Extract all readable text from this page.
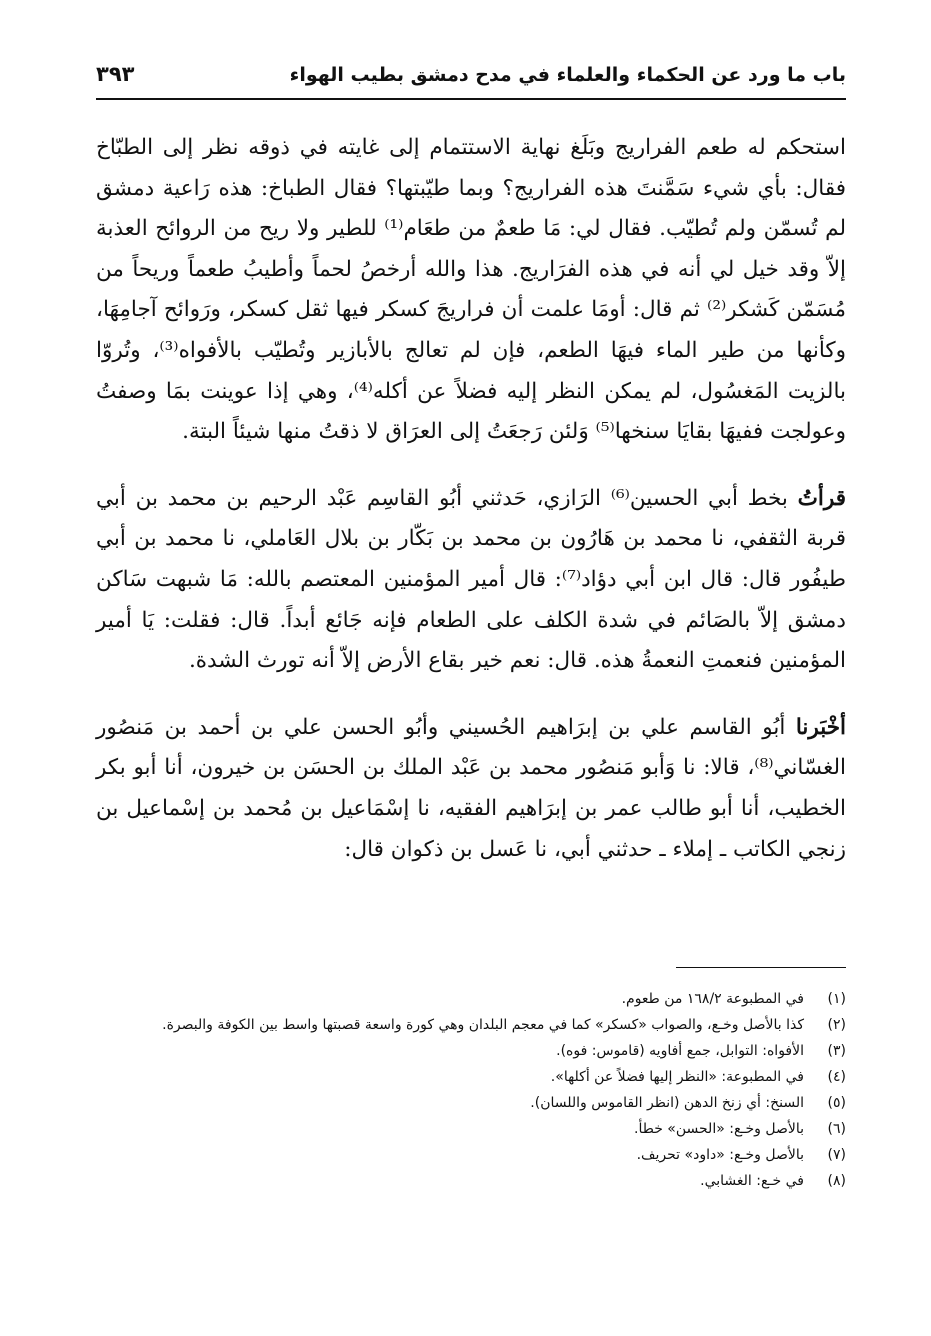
باب ما ورد عن الحكماء والعلماء في مدح دمشق بطيب الهواء
٣٩٣

استحكم له طعم الفراريج وبَلَغ نهاية الاستتمام إلى غايته في ذوقه نظر إلى الطبّاخ فقال: بأي شيء سَمَّنتَ هذه الفراريج؟ وبما طيّبتها؟ فقال الطباخ: هذه رَاعية دمشق لم تُسمّن ولم تُطيّب. فقال لي: مَا طعمٌ من طعَام⁽¹⁾ للطير ولا ريح من الروائح العذبة إلاّ وقد خيل لي أنه في هذه الفرَاريج. هذا والله أرخصُ لحماً وأطيبُ طعماً وريحاً من مُسَمّن كَشكر⁽²⁾ ثم قال: أومَا علمت أن فراريجَ كسكر فيها ثقل كسكر، ورَوائح آجامِهَا، وكأنها من طير الماء فيهَا الطعم، فإن لم تعالج بالأبازير وتُطيّب بالأفواه⁽³⁾، وتُروّا بالزيت المَغسُول، لم يمكن النظر إليه فضلاً عن أكله⁽⁴⁾، وهي إذا عوينت بمَا وصفتُ وعولجت ففيهَا بقايَا سنخها⁽⁵⁾ وَلئن رَجعَتُ إلى العرَاق لا ذقتُ منها شيئاً البتة.

قرأتُ بخط أبي الحسين⁽⁶⁾ الرَازي، حَدثني أبُو القاسِم عَبْد الرحيم بن محمد بن أبي قربة الثقفي، نا محمد بن هَارُون بن محمد بن بَكّار بن بلال العَاملي، نا محمد بن أبي طيفُور قال: قال ابن أبي دؤاد⁽⁷⁾: قال أمير المؤمنين المعتصم بالله: مَا شبهت سَاكن دمشق إلاّ بالصَائم في شدة الكلف على الطعام فإنه جَائع أبداً. قال: فقلت: يَا أمير المؤمنين فنعمتِ النعمةُ هذه. قال: نعم خير بقاع الأرض إلاّ أنه تورث الشدة.

أخْبَرنا أبُو القاسم علي بن إبرَاهيم الحُسيني وأبُو الحسن علي بن أحمد بن مَنصُور الغسّاني⁽⁸⁾، قالا: نا وَأبو مَنصُور محمد بن عَبْد الملك بن الحسَن بن خيرون، أنا أبو بكر الخطيب، أنا أبو طالب عمر بن إبرَاهيم الفقيه، نا إسْمَاعيل بن مُحمد بن إسْماعيل بن زنجي الكاتب ـ إملاء ـ حدثني أبي، نا عَسل بن ذكوان قال:

(١)
في المطبوعة ١٦٨/٢ من طعوم.
(٢)
كذا بالأصل وخـع، والصواب «كسكر» كما في معجم البلدان وهي كورة واسعة قصبتها واسط بين الكوفة والبصرة.
(٣)
الأفواه: التوابل، جمع أفاويه (قاموس: فوه).
(٤)
في المطبوعة: «النظر إليها فضلاً عن أكلها».
(٥)
السنخ: أي زنخ الدهن (انظر القاموس واللسان).
(٦)
بالأصل وخـع: «الحسن» خطأ.
(٧)
بالأصل وخـع: «داود» تحريف.
(٨)
في خـع: الغشابي.
